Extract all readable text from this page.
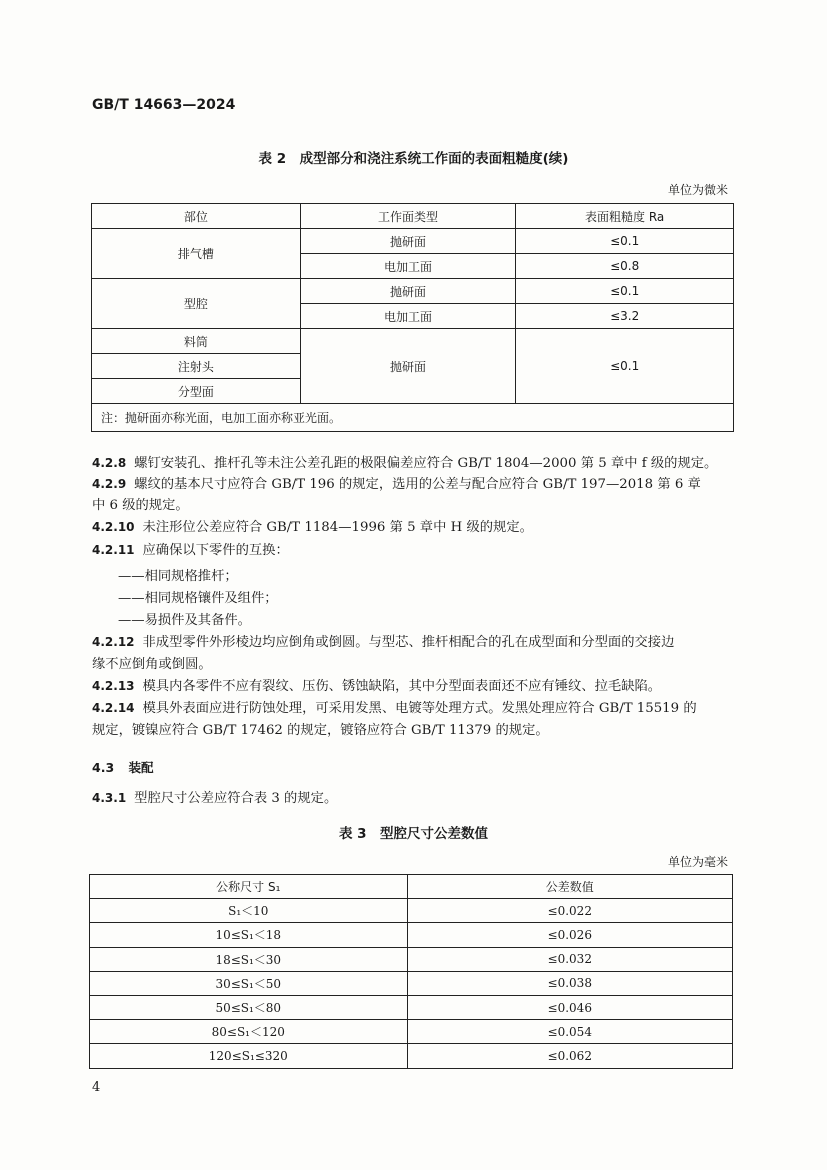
GB/T 14663—2024
表 2　成型部分和浇注系统工作面的表面粗糙度(续)
单位为微米
部位	工作面类型	表面粗糙度 Ra
排气槽	抛研面	≤0.1
	电加工面	≤0.8
型腔	抛研面	≤0.1
	电加工面	≤3.2
料筒	抛研面	≤0.1
注射头		
分型面		
注：抛研面亦称光面，电加工面亦称亚光面。		
4.2.8 螺钉安装孔、推杆孔等未注公差孔距的极限偏差应符合 GB/T 1804—2000 第 5 章中 f 级的规定。
4.2.9 螺纹的基本尺寸应符合 GB/T 196 的规定，选用的公差与配合应符合 GB/T 197—2018 第 6 章
中 6 级的规定。
4.2.10 未注形位公差应符合 GB/T 1184—1996 第 5 章中 H 级的规定。
4.2.11 应确保以下零件的互换：
——相同规格推杆；
——相同规格镶件及组件；
——易损件及其备件。
4.2.12 非成型零件外形棱边均应倒角或倒圆。与型芯、推杆相配合的孔在成型面和分型面的交接边
缘不应倒角或倒圆。
4.2.13 模具内各零件不应有裂纹、压伤、锈蚀缺陷，其中分型面表面还不应有锤纹、拉毛缺陷。
4.2.14 模具外表面应进行防蚀处理，可采用发黑、电镀等处理方式。发黑处理应符合 GB/T 15519 的
规定，镀镍应符合 GB/T 17462 的规定，镀铬应符合 GB/T 11379 的规定。
4.3 装配
4.3.1 型腔尺寸公差应符合表 3 的规定。
表 3　型腔尺寸公差数值
单位为毫米
公称尺寸 S₁	公差数值
S₁＜10	≤0.022
10≤S₁＜18	≤0.026
18≤S₁＜30	≤0.032
30≤S₁＜50	≤0.038
50≤S₁＜80	≤0.046
80≤S₁＜120	≤0.054
120≤S₁≤320	≤0.062
4
